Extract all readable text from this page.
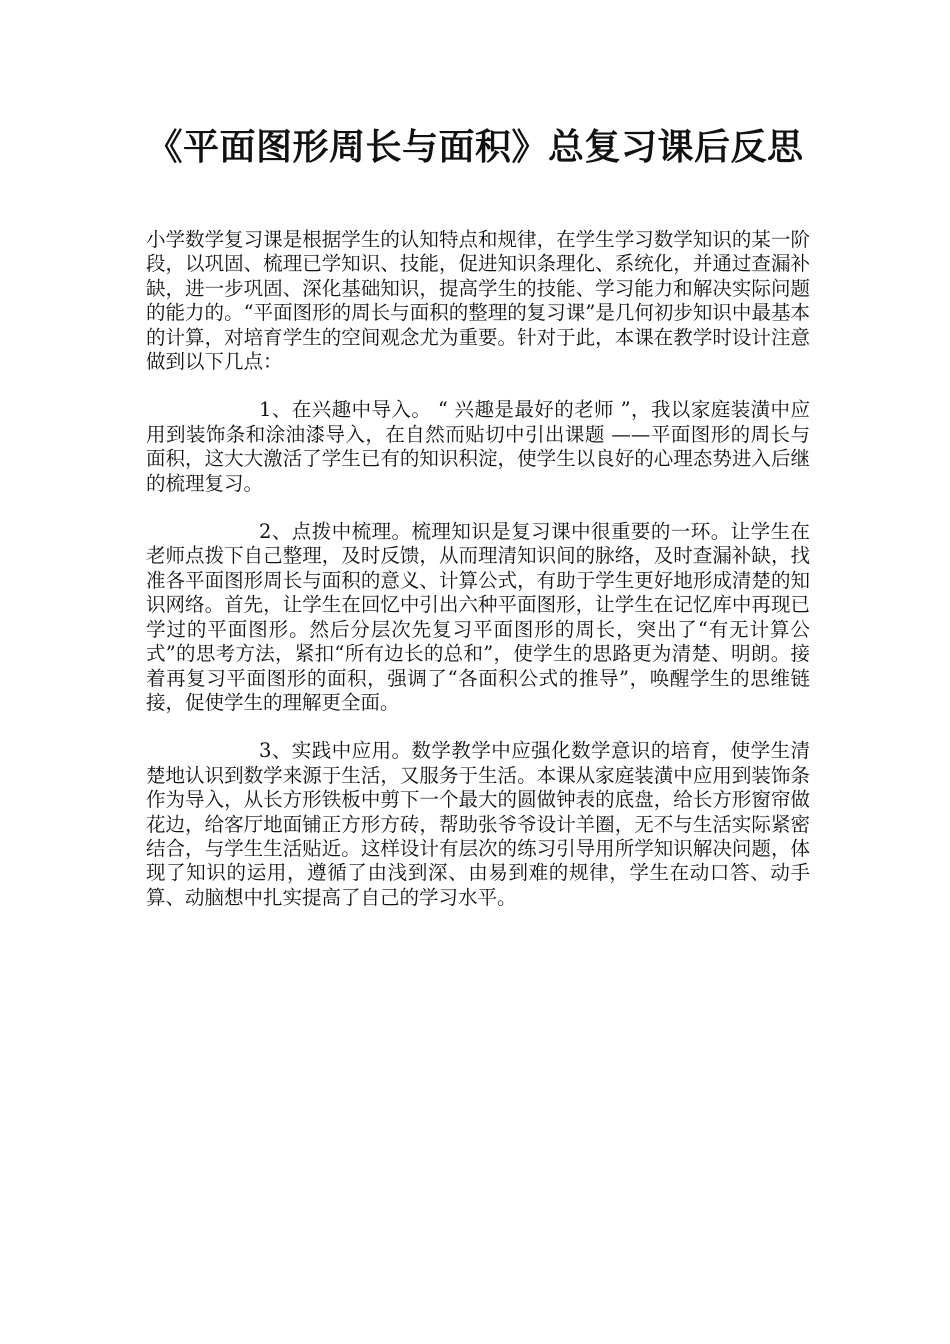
《平面图形周长与面积》总复习课后反思

小学数学复习课是根据学生的认知特点和规律，在学生学习数学知识的某一阶段，以巩固、梳理已学知识、技能，促进知识条理化、系统化，并通过查漏补缺，进一步巩固、深化基础知识，提高学生的技能、学习能力和解决实际问题的能力的。“平面图形的周长与面积的整理的复习课”是几何初步知识中最基本的计算，对培育学生的空间观念尤为重要。针对于此，本课在教学时设计注意做到以下几点：

1、在兴趣中导入。 “ 兴趣是最好的老师 ”，我以家庭装潢中应用到装饰条和涂油漆导入，在自然而贴切中引出课题 ——平面图形的周长与面积，这大大激活了学生已有的知识积淀，使学生以良好的心理态势进入后继的梳理复习。

2、点拨中梳理。梳理知识是复习课中很重要的一环。让学生在老师点拨下自己整理，及时反馈，从而理清知识间的脉络，及时查漏补缺，找准各平面图形周长与面积的意义、计算公式，有助于学生更好地形成清楚的知识网络。首先，让学生在回忆中引出六种平面图形，让学生在记忆库中再现已学过的平面图形。然后分层次先复习平面图形的周长，突出了“有无计算公式”的思考方法，紧扣“所有边长的总和”，使学生的思路更为清楚、明朗。接着再复习平面图形的面积，强调了“各面积公式的推导”，唤醒学生的思维链接，促使学生的理解更全面。

3、实践中应用。数学教学中应强化数学意识的培育，使学生清楚地认识到数学来源于生活，又服务于生活。本课从家庭装潢中应用到装饰条作为导入，从长方形铁板中剪下一个最大的圆做钟表的底盘，给长方形窗帘做花边，给客厅地面铺正方形方砖，帮助张爷爷设计羊圈，无不与生活实际紧密结合，与学生生活贴近。这样设计有层次的练习引导用所学知识解决问题，体现了知识的运用，遵循了由浅到深、由易到难的规律，学生在动口答、动手算、动脑想中扎实提高了自己的学习水平。
